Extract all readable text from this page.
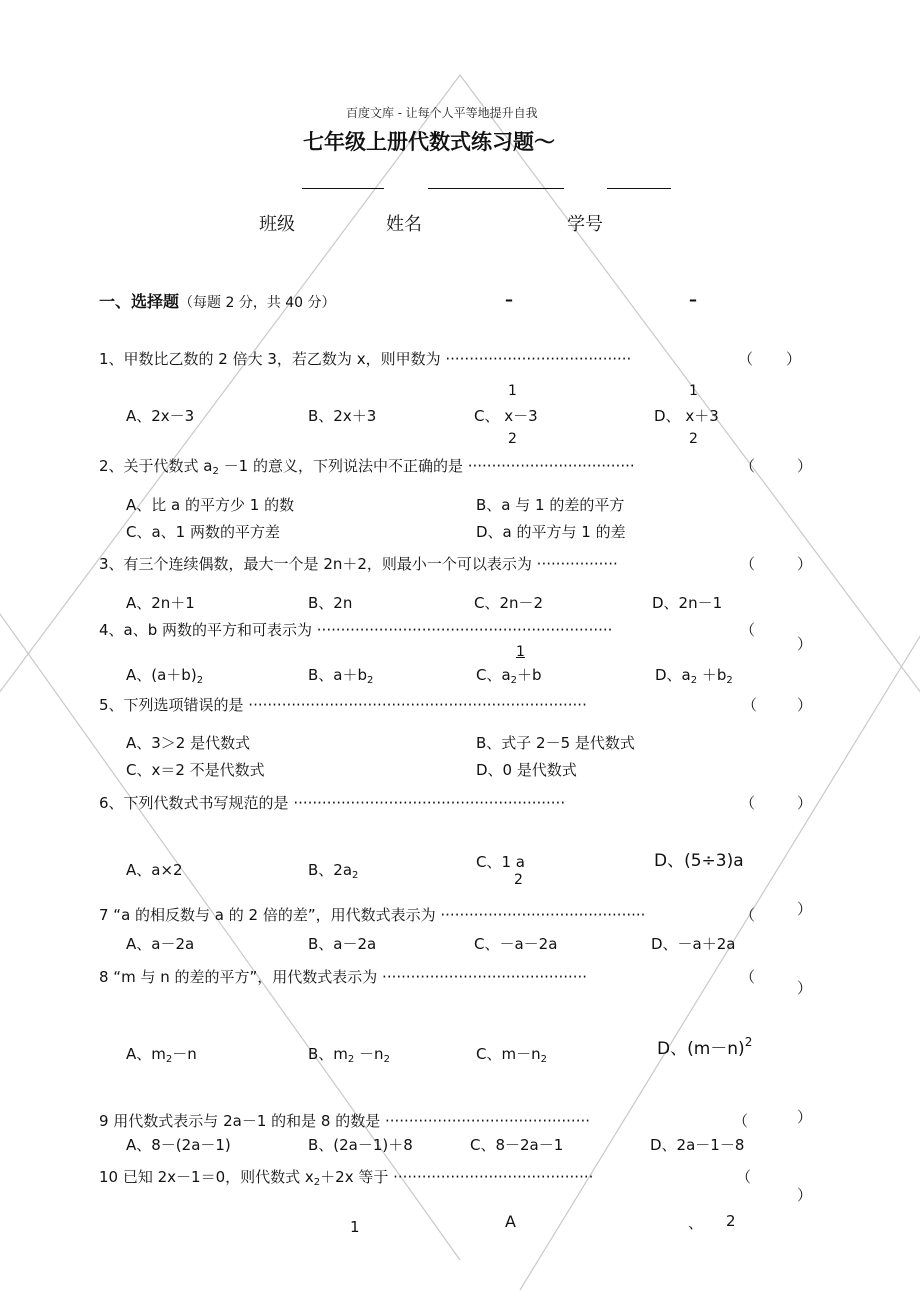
百度文库 - 让每个人平等地提升自我
七年级上册代数式练习题～
班级	姓名	学号
一、选择题（每题 2 分，共 40 分）	–	–
1、甲数比乙数的 2 倍大 3，若乙数为 x，则甲数为 ·······································	（ ）
1	1
A、2x－3	B、2x＋3	C、 x－3	D、 x＋3
2	2
2、关于代数式 $a_2 -1$ 的意义，下列说法中不正确的是 ···································	（	）
A、比 a 的平方少 1 的数	B、a 与 1 的差的平方
C、a、1 两数的平方差	D、a 的平方与 1 的差
3、有三个连续偶数，最大一个是 2n＋2，则最小一个可以表示为 ·················	（	）
A、2n＋1	B、2n	C、2n－2	D、2n－1
4、a、b 两数的平方和可表示为 ······························································	（
）
1
A、$(a+b)_2$	B、$a+b_2$	C、$a_2+b$	D、$a_2 +b_2$
5、下列选项错误的是 ·······································································	（	）
A、3＞2 是代数式	B、式子 2－5 是代数式
C、x＝2 不是代数式	D、0 是代数式
6、下列代数式书写规范的是 ·························································	（	）
A、a×2	B、$2a_2$
C、1 a
2
D、(5÷3)a
7 “a 的相反数与 a 的 2 倍的差”，用代数式表示为 ···········································	（	）
A、a－2a	B、a－2a	C、－a－2a	D、－a＋2a
8 “m 与 n 的差的平方”，用代数式表示为 ···········································	（
）
A、$m_2-n$	B、$m_2 -n_2$	C、$m-n_2$
D、$(m-n)^2$
9 用代数式表示与 2a－1 的和是 8 的数是 ···········································	（	）
A、8－(2a－1)	B、(2a－1)＋8	C、8－2a－1	D、2a－1－8
10 已知 2x－1＝0，则代数式 $x_2+2x$ 等于 ··········································	（
）
1	A	、 2
